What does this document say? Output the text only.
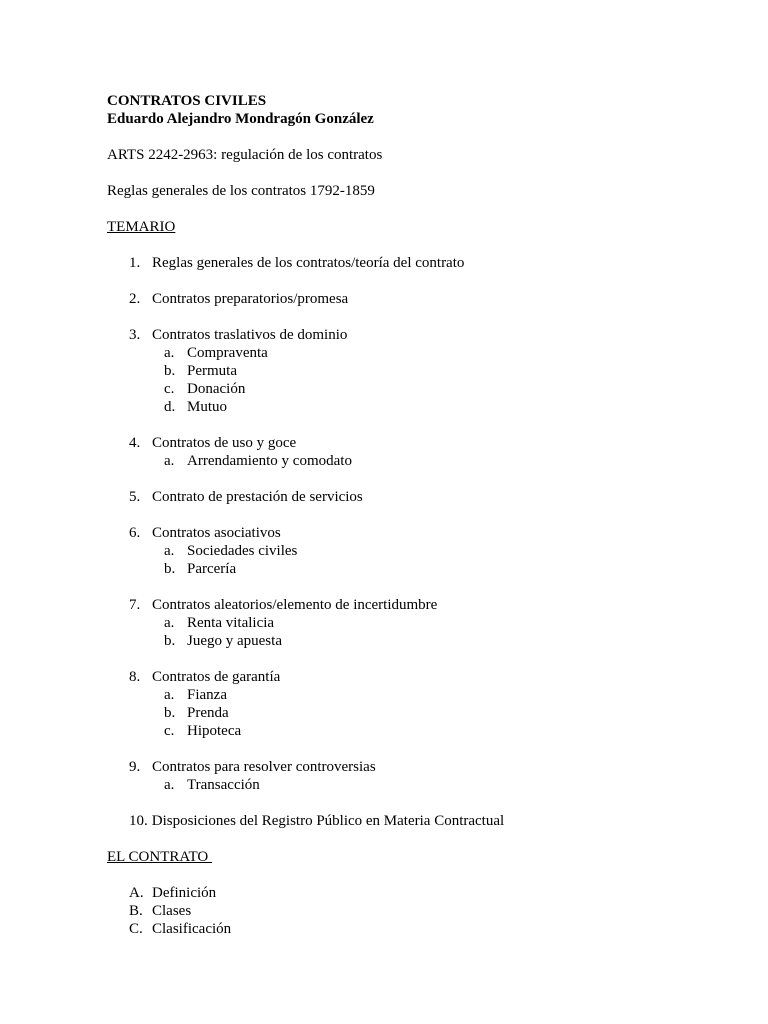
CONTRATOS CIVILES
Eduardo Alejandro Mondragón González
ARTS 2242-2963: regulación de los contratos
Reglas generales de los contratos 1792-1859
TEMARIO
1. Reglas generales de los contratos/teoría del contrato
2. Contratos preparatorios/promesa
3. Contratos traslativos de dominio
a. Compraventa
b. Permuta
c. Donación
d. Mutuo
4. Contratos de uso y goce
a. Arrendamiento y comodato
5. Contrato de prestación de servicios
6. Contratos asociativos
a. Sociedades civiles
b. Parcería
7. Contratos aleatorios/elemento de incertidumbre
a. Renta vitalicia
b. Juego y apuesta
8. Contratos de garantía
a. Fianza
b. Prenda
c. Hipoteca
9. Contratos para resolver controversias
a. Transacción
10. Disposiciones del Registro Público en Materia Contractual
EL CONTRATO
A. Definición
B. Clases
C. Clasificación
